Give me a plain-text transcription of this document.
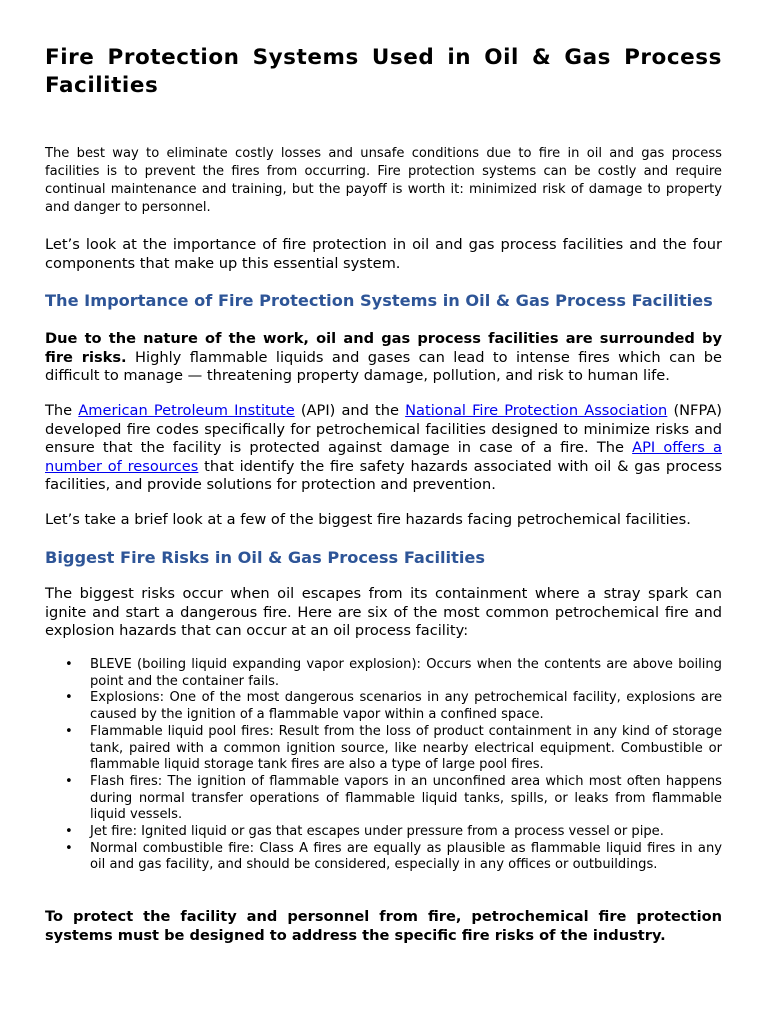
Fire Protection Systems Used in Oil & Gas Process Facilities

The best way to eliminate costly losses and unsafe conditions due to fire in oil and gas process facilities is to prevent the fires from occurring. Fire protection systems can be costly and require continual maintenance and training, but the payoff is worth it: minimized risk of damage to property and danger to personnel.

Let’s look at the importance of fire protection in oil and gas process facilities and the four components that make up this essential system.

The Importance of Fire Protection Systems in Oil & Gas Process Facilities

Due to the nature of the work, oil and gas process facilities are surrounded by fire risks. Highly flammable liquids and gases can lead to intense fires which can be difficult to manage — threatening property damage, pollution, and risk to human life.

The American Petroleum Institute (API) and the National Fire Protection Association (NFPA) developed fire codes specifically for petrochemical facilities designed to minimize risks and ensure that the facility is protected against damage in case of a fire. The API offers a number of resources that identify the fire safety hazards associated with oil & gas process facilities, and provide solutions for protection and prevention.

Let’s take a brief look at a few of the biggest fire hazards facing petrochemical facilities.

Biggest Fire Risks in Oil & Gas Process Facilities

The biggest risks occur when oil escapes from its containment where a stray spark can ignite and start a dangerous fire. Here are six of the most common petrochemical fire and explosion hazards that can occur at an oil process facility:

• BLEVE (boiling liquid expanding vapor explosion): Occurs when the contents are above boiling point and the container fails.
• Explosions: One of the most dangerous scenarios in any petrochemical facility, explosions are caused by the ignition of a flammable vapor within a confined space.
• Flammable liquid pool fires: Result from the loss of product containment in any kind of storage tank, paired with a common ignition source, like nearby electrical equipment. Combustible or flammable liquid storage tank fires are also a type of large pool fires.
• Flash fires: The ignition of flammable vapors in an unconfined area which most often happens during normal transfer operations of flammable liquid tanks, spills, or leaks from flammable liquid vessels.
• Jet fire: Ignited liquid or gas that escapes under pressure from a process vessel or pipe.
• Normal combustible fire: Class A fires are equally as plausible as flammable liquid fires in any oil and gas facility, and should be considered, especially in any offices or outbuildings.

To protect the facility and personnel from fire, petrochemical fire protection systems must be designed to address the specific fire risks of the industry.
